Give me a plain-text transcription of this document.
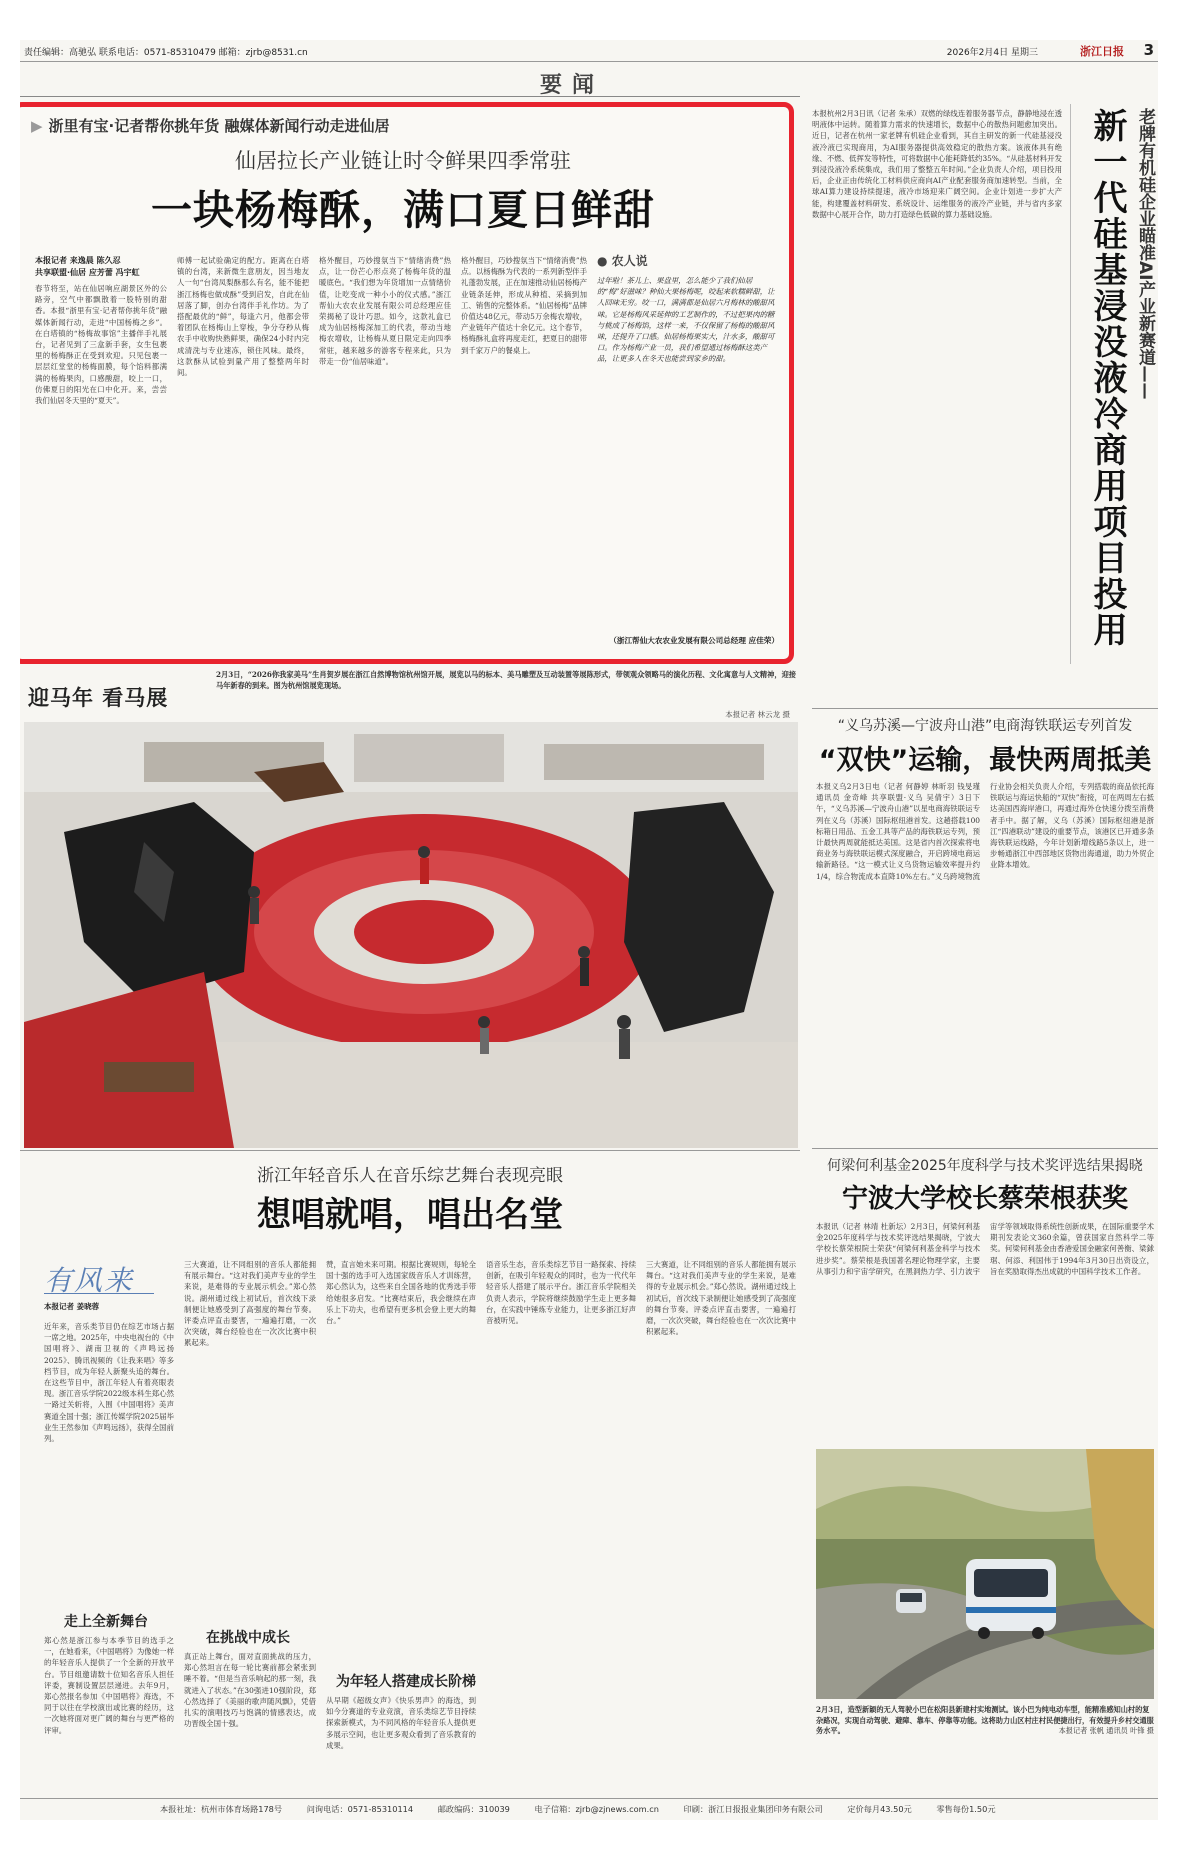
责任编辑：高驰弘 联系电话：0571-85310479 邮箱：zjrb@8531.cn	2026年2月4日 星期三	浙江日报 3
要闻
▶ 浙里有宝·记者帮你挑年货 融媒体新闻行动走进仙居
仙居拉长产业链让时令鲜果四季常驻
一块杨梅酥，满口夏日鲜甜
本报记者 来逸晨 陈久忍
共享联盟·仙居 应芳蕾 冯宇虹
春节将至，站在仙居响应湖景区外的公路旁，空气中都飘散着一股特别的甜香。本报“浙里有宝·记者帮你挑年货”融媒体新闻行动，走进“中国杨梅之乡”。在白塔镇的“杨梅故事馆”主播伴手礼展台，记者见到了三盒新手套，女生包裹里的杨梅酥正在受到欢迎。只见包裹一层层红堂堂的杨梅面膜，每个馅料都满满的杨梅果肉，口感酸甜，咬上一口，仿佛夏日的阳光在口中化开。来，尝尝我们仙居冬天里的“夏天”。
师傅一起试验确定的配方。距离在白塔镇的台湾，来新微生意朋友，因当地友人一句“台湾凤梨酥那么有名，能不能把浙江杨梅也做成酥”受到启发，自此在仙居落了脚，创办台湾伴手礼作坊。为了搭配最优的“鲜”，每逢六月，他都会带着团队在杨梅山上穿梭，争分夺秒从梅农手中收购快熟鲜果，确保24小时内完成清洗与专业速冻，锁住风味。最终，这款酥从试验到量产用了整整两年时间。
格外醒目，巧妙搜氛当下“情绪消费”热点，让一份芒心形点亮了杨梅年货的温暖底色。“我们想为年货增加一点情绪价值，让吃变成一种小小的仪式感。”浙江帮仙大农农业发展有限公司总经理应佳荣揭秘了设计巧思。如今，这款礼盒已成为仙居杨梅深加工的代表，带动当地梅农增收，让杨梅从夏日限定走向四季常驻，越来越多的游客专程来此，只为带走一份“仙居味道”。
格外醒目，巧妙搜氛当下“情绪消费”热点。以杨梅酥为代表的一系列新型伴手礼蓬勃发展，正在加速推动仙居杨梅产业链条延伸，形成从种植、采摘到加工、销售的完整体系。“仙居杨梅”品牌价值达48亿元，带动5万余梅农增收，产业链年产值达十余亿元。这个春节，杨梅酥礼盒将再度走红，把夏日的甜带到千家万户的餐桌上。
● 农人说
过年啦！茶儿上、果盘里，怎么能少了我们仙居的“梅”好滋味？种仙大果杨梅呢，咬起来软糯鲜甜，让人回味无穷。咬一口，满满都是仙居六月梅林的酸甜风味。它是杨梅风采延伸的工艺制作的，不过把果肉的糖与桃成了杨梅馅，这样一来，不仅保留了杨梅的酸甜风味，还提升了口感。仙居杨梅果实大，汁水多，酸甜可口。作为杨梅产业一员，我们希望通过杨梅酥这类产品，让更多人在冬天也能尝到家乡的甜。
（浙江帮仙大农农业发展有限公司总经理 应佳荣）
本报杭州2月3日讯（记者 朱承）双燃的绿线连着服务器节点，静静地浸在透明液体中运转。随着算力需求的快速增长，数据中心的散热问题愈加突出。近日，记者在杭州一家老牌有机硅企业看到，其自主研发的新一代硅基浸没液冷液已实现商用，为AI服务器提供高效稳定的散热方案。该液体具有绝缘、不燃、低挥发等特性，可将数据中心能耗降低约35%。“从硅基材料开发到浸没液冷系统集成，我们用了整整五年时间。”企业负责人介绍，项目投用后，企业正由传统化工材料供应商向AI产业配套服务商加速转型。当前，全球AI算力建设持续提速，液冷市场迎来广阔空间。企业计划进一步扩大产能，构建覆盖材料研发、系统设计、运维服务的液冷产业链，并与省内多家数据中心展开合作，助力打造绿色低碳的算力基础设施。	老牌有机硅企业瞄准AI产业新赛道——
新一代硅基浸没液冷商用项目投用
迎马年 看马展
2月3日，“2026你我家美马”生肖贺岁展在浙江自然博物馆杭州馆开展，展览以马的标本、美马雕塑及互动装置等展陈形式，带领观众领略马的演化历程、文化寓意与人文精神，迎接马年新春的到来。图为杭州馆展览现场。
本报记者 林云龙 摄
“义乌苏溪—宁波舟山港”电商海铁联运专列首发
“双快”运输，最快两周抵美
本报义乌2月3日电（记者 何静婷 林昕羽 钱旻瑾 通讯员 金奇峰 共享联盟·义乌 吴倩宇）3日下午，“义乌苏溪—宁波舟山港”以星电商海铁联运专列在义乌（苏溪）国际枢纽港首发。这趟搭载100标箱日用品、五金工具等产品的海铁联运专列，预计最快两周就能抵达美国。这是省内首次探索将电商业务与海铁联运模式深度融合，开启跨境电商运输新路径。“这一模式让义乌货物运输效率提升约1/4，综合物流成本直降10%左右。”义乌跨境物流行业协会相关负责人介绍，专列搭载的商品依托海铁联运与海运快船的“双快”衔接，可在两周左右抵达美国西海岸港口，再通过海外仓快速分拨至消费者手中。据了解，义乌（苏溪）国际枢纽港是浙江“四港联动”建设的重要节点，该港区已开通多条海铁联运线路，今年计划新增线路5条以上，进一步畅通浙江中西部地区货物出海通道，助力外贸企业降本增效。
浙江年轻音乐人在音乐综艺舞台表现亮眼
想唱就唱，唱出名堂
有风来
本报记者 姜晓蓉
近年来，音乐类节目仍在综艺市场占据一席之地。2025年，中央电视台的《中国唱将》、湖南卫视的《声鸣远扬2025》、腾讯视频的《让我来唱》等多档节目，成为年轻人新聚头追的舞台。在这些节目中，浙江年轻人有着亮眼表现。浙江音乐学院2022级本科生郑心然一路过关斩将，入围《中国唱将》美声赛道全国十强；浙江传媒学院2025届毕业生王然参加《声鸣远扬》，获得全国前列。
走上全新舞台
郑心然是浙江参与本季节目的选手之一，在她看来，《中国唱将》为像她一样的年轻音乐人提供了一个全新的开放平台。节目组邀请数十位知名音乐人担任评委，赛制设置层层递进。去年9月，郑心然报名参加《中国唱将》海选，不同于以往在学校演出或比赛的经历，这一次她将面对更广阔的舞台与更严格的评审。
三大赛道，让不同组别的音乐人都能拥有展示舞台。“这对我们美声专业的学生来说，是难得的专业展示机会。”郑心然说。湖州通过线上初试后，首次线下录制便让她感受到了高强度的舞台节奏。评委点评直击要害，一遍遍打磨，一次次突破，舞台经验也在一次次比赛中积累起来。
在挑战中成长
真正站上舞台，面对直面挑战的压力，郑心然坦言在每一轮比赛前都会紧张到睡不着。“但是当音乐响起的那一刻，我就进入了状态。”在30强进10强阶段，郑心然选择了《美丽的歌声随风飘》，凭借扎实的演唱技巧与饱满的情感表达，成功晋级全国十强。
赞，直言她未来可期。根据比赛规则，每轮全国十强的选手可入选国家级音乐人才训练营，郑心然认为，这些来自全国各地的优秀选手带给她很多启发。“比赛结束后，我会继续在声乐上下功夫，也希望有更多机会登上更大的舞台。”
为年轻人搭建成长阶梯
从早期《超级女声》《快乐男声》的海选，到如今分赛道的专业竞演，音乐类综艺节目持续探索新模式，为不同风格的年轻音乐人提供更多展示空间，也让更多观众看到了音乐教育的成果。
语音乐生态，音乐类综艺节目一路探索、持续创新，在吸引年轻观众的同时，也为一代代年轻音乐人搭建了展示平台。浙江音乐学院相关负责人表示，学院将继续鼓励学生走上更多舞台，在实践中锤炼专业能力，让更多浙江好声音被听见。
三大赛道，让不同组别的音乐人都能拥有展示舞台。“这对我们美声专业的学生来说，是难得的专业展示机会。”郑心然说。湖州通过线上初试后，首次线下录制便让她感受到了高强度的舞台节奏。评委点评直击要害，一遍遍打磨，一次次突破，舞台经验也在一次次比赛中积累起来。
何梁何利基金2025年度科学与技术奖评选结果揭晓
宁波大学校长蔡荣根获奖
本报讯（记者 林靖 杜新坛）2月3日，何梁何利基金2025年度科学与技术奖评选结果揭晓，宁波大学校长蔡荣根院士荣获“何梁何利基金科学与技术进步奖”。蔡荣根是我国著名理论物理学家，主要从事引力和宇宙学研究，在黑洞热力学、引力波宇宙学等领域取得系统性创新成果，在国际重要学术期刊发表论文360余篇，曾获国家自然科学二等奖。何梁何利基金由香港爱国金融家何善衡、梁銶琚、何添、利国伟于1994年3月30日出资设立，旨在奖励取得杰出成就的中国科学技术工作者。
2月3日，造型新颖的无人驾驶小巴在松阳县新建村实地测试。该小巴为纯电动车型，能精准感知山村的复杂路况，实现自动驾驶、避障、靠车、停靠等功能。这将助力山区村庄村民便捷出行，有效提升乡村交通服务水平。	本报记者 张帆 通讯员 叶锋 摄
本报社址：杭州市体育场路178号	问询电话：0571-85310114	邮政编码：310039	电子信箱：zjrb@zjnews.com.cn	印刷：浙江日报报业集团印务有限公司	定价每月43.50元	零售每份1.50元
